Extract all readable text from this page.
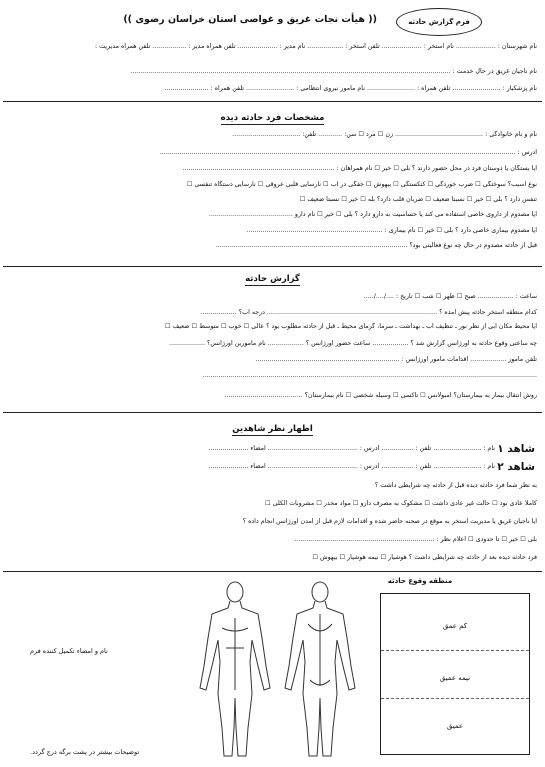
فرم گزارش حادثه
(( هیأت نجات غریق و غواصی استان خراسان رضوی ))
نام شهرستان : .................... نام استخر : .................... تلفن استخر : .................. نام مدیر : .................... تلفن همراه مدیر : ................. تلفن همراه مدیریت :
نام ناجیان غریق در حال خدمت : ................................................................................................................................................................
نام پزشکیار : ........................ تلفن همراه : ........................ نام مامور نیروی انتظامی : ........................ تلفن همراه : ......................
مشخصات فرد حادثه دیده
نام و نام خانوادگی : ............................................ زن ☐ مرد ☐ سن: ............ تلفن: ..................................
آدرس : ..................................................................................................................................................................................
آیا بستگان یا دوستان فرد در محل حضور دارند ؟ بلی ☐ خیر ☐ نام همراهان : ............................................................................
نوع آسیب؟ سوختگی ☐ ضرب خوردگی ☐ کتکستگی ☐ بیهوش ☐ خفگی در آب ☐ نارسایی قلبی عروقی ☐ نارسایی دستگاه تنفسی ☐
تنفس دارد ؟ بلی ☐ خیر ☐ نسبتاً ضعیف ☐ ضربان قلب دارد؟ بله ☐ خیر ☐ نسبتاً ضعیف ☐
آیا مصدوم از داروی خاصی استفاده می کند یا حساسیت به دارو دارد ؟ بلی ☐ خیر ☐ نام دارو ..........................................
آیا مصدوم بیماری خاصی دارد ؟ بلی ☐ خیر ☐ نام بیماری : ....................................................................
قبل از حادثه مصدوم در حال چه نوع فعالیتی بود؟ ................................................................................................
گزارش حادثه
ساعت : .................. صبح ☐ ظهر ☐ شب ☐ تاریخ : ..../..../.....
کدام منطقه استخر حادثه پیش آمده ؟ ..................................................................................... درجه آب؟ ..................
آیا محیط مکان آبی از نظر نور ـ تنظیف آب ـ بهداشت ـ سرما، گرمای محیط ـ قبل از حادثه مطلوب بود ؟ عالی ☐ خوب ☐ متوسط ☐ ضعیف ☐
چه ساعتی وقوع حادثه به اورژانس گزارش شد ؟ .................. ساعت حضور اورژانس ؟ .................. نام مامورین اورژانس؟ ..................
تلفن مامور .................. اقدامات مامور اورژانس : ........................................................................
.......................................................................................................................................................................
روش انتقال بیمار به بیمارستان؟ آمبولانس ☐ تاکسی ☐ وسیله شخصی ☐ نام بیمارستان؟ .......................................
اظهار نظر شاهدین
شاهد ۱
نام : ........................ تلفن : ................ آدرس : ............................................. امضاء ....................
شاهد ۲
نام : ........................ تلفن : ................ آدرس : ............................................. امضاء ....................
به نظر شما فرد حادثه دیده قبل از حادثه چه شرایطی داشت ؟
کاملاً عادی بود ☐ حالت غیر عادی داشت ☐ مشکوک به مصرف دارو ☐ مواد مخدر ☐ مشروبات الکلی ☐
آیا ناجیان غریق یا مدیریت استخر به موقع در صحنه حاضر شده و اقدامات لازم قبل از آمدن اورژانس انجام داده ؟
بلی ☐ خیر ☐ تا حدودی ☐ اعلام نظر : ......................................................................
فرد حادثه دیده بعد از حادثه چه شرایطی داشت ؟ هوشیار ☐ نیمه هوشیار ☐ بیهوش ☐
منطقه وقوع حادثه
کم عمق
نیمه عمیق
عمیق
نام و امضاء تکمیل کننده فرم
توضیحات بیشتر در پشت برگه درج گردد.
